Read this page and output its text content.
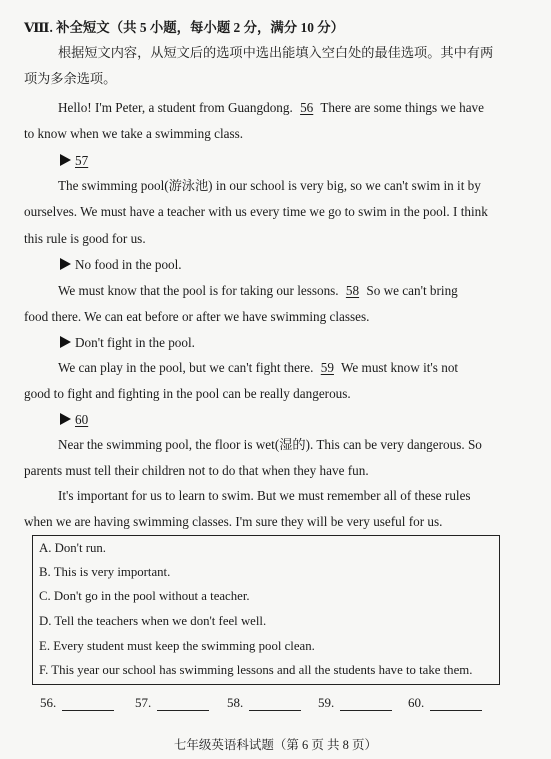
Ⅷ. 补全短文（共 5 小题，每小题 2 分，满分 10 分）
根据短文内容，从短文后的选项中选出能填入空白处的最佳选项。其中有两
项为多余选项。
Hello! I'm Peter, a student from Guangdong. 56 There are some things we have
to know when we take a swimming class.
57
The swimming pool(游泳池) in our school is very big, so we can't swim in it by
ourselves. We must have a teacher with us every time we go to swim in the pool. I think
this rule is good for us.
No food in the pool.
We must know that the pool is for taking our lessons. 58 So we can't bring
food there. We can eat before or after we have swimming classes.
Don't fight in the pool.
We can play in the pool, but we can't fight there. 59 We must know it's not
good to fight and fighting in the pool can be really dangerous.
60
Near the swimming pool, the floor is wet(湿的). This can be very dangerous. So
parents must tell their children not to do that when they have fun.
It's important for us to learn to swim. But we must remember all of these rules
when we are having swimming classes. I'm sure they will be very useful for us.
A. Don't run.
B. This is very important.
C. Don't go in the pool without a teacher.
D. Tell the teachers when we don't feel well.
E. Every student must keep the swimming pool clean.
F. This year our school has swimming lessons and all the students have to take them.
56.	57.	58.	59.	60.
七年级英语科试题（第 6 页 共 8 页）
